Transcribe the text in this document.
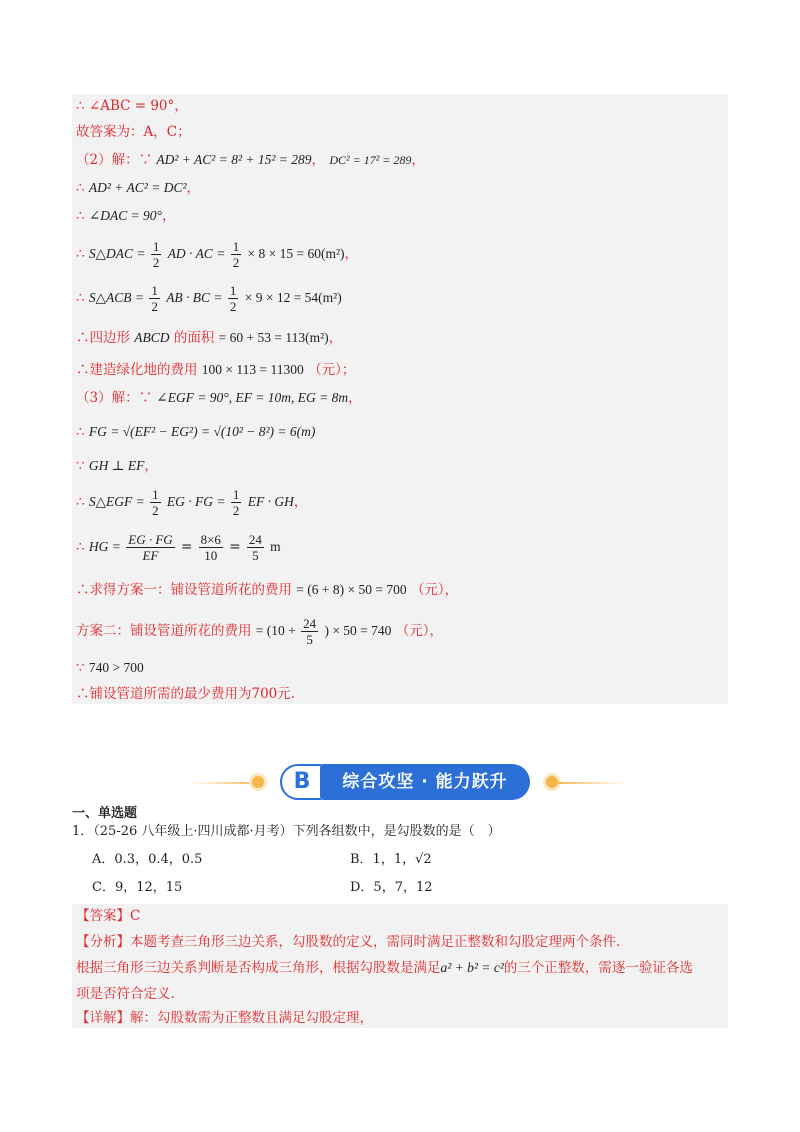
∴ ∠ABC = 90°，
故答案为：A，C；
（2）解：∵ AD² + AC² = 8² + 15² = 289， DC² = 17² = 289，
∴ AD² + AC² = DC²，
∴ ∠DAC = 90°，
∴ S△DAC = $\frac{1}{2}$ AD · AC = $\frac{1}{2} \times 8 \times 15 = 60(m^2)$，
∴ S△ACB = $\frac{1}{2}$ AB · BC = $\frac{1}{2} \times 9 \times 12 = 54(m^2)$
∴四边形 ABCD 的面积 = 60 + 53 = 113(m²)，
∴建造绿化地的费用 100 × 113 = 11300 （元）；
（3）解：∵ ∠EGF = 90°, EF = 10m, EG = 8m，
∴ FG = √(EF² − EG²) = √(10² − 8²) = 6(m)
∵ GH ⊥ EF，
∴ S△EGF = $\frac{1}{2}$ EG · FG = $\frac{1}{2}$ EF · GH，
∴ HG = $\frac{EG \cdot FG}{EF} = \frac{8\times 6}{10} = \frac{24}{5}$ m
∴求得方案一：铺设管道所花的费用 = (6 + 8) × 50 = 700 （元），
方案二：铺设管道所花的费用 = ($10 + \frac{24}{5}$ ) × 50 = 740 （元），
∵ 740 > 700
∴铺设管道所需的最少费用为700元.
B	综合攻坚 · 能力跃升
一、单选题
1．（25-26 八年级上·四川成都·月考）下列各组数中，是勾股数的是（　）
A．0.3，0.4，0.5	B．1，1，√2
C．9，12，15	D．5，7，12
【答案】C
【分析】本题考查三角形三边关系，勾股数的定义，需同时满足正整数和勾股定理两个条件.
根据三角形三边关系判断是否构成三角形，根据勾股数是满足a² + b² = c²的三个正整数，需逐一验证各选
项是否符合定义.
【详解】解：勾股数需为正整数且满足勾股定理，
